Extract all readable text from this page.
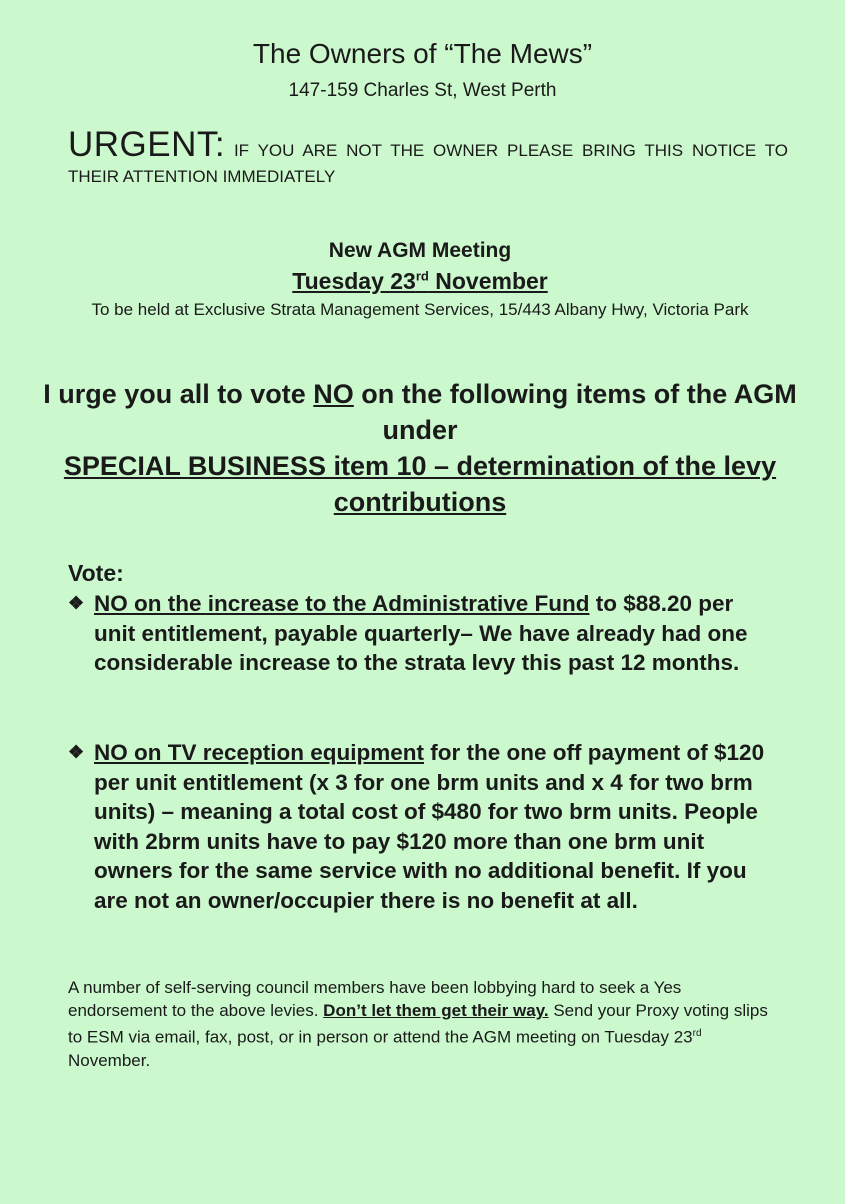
The Owners of “The Mews”
147-159 Charles St, West Perth
URGENT: IF YOU ARE NOT THE OWNER PLEASE BRING THIS NOTICE TO THEIR ATTENTION IMMEDIATELY
New AGM Meeting
Tuesday 23rd November
To be held at Exclusive Strata Management Services, 15/443 Albany Hwy, Victoria Park
I urge you all to vote NO on the following items of the AGM under
SPECIAL BUSINESS item 10 – determination of the levy contributions
Vote:
❖ NO on the increase to the Administrative Fund to $88.20 per unit entitlement, payable quarterly– We have already had one considerable increase to the strata levy this past 12 months.
❖ NO on TV reception equipment for the one off payment of $120 per unit entitlement (x 3 for one brm units and x 4 for two brm units) – meaning a total cost of $480 for two brm units. People with 2brm units have to pay $120 more than one brm unit owners for the same service with no additional benefit. If you are not an owner/occupier there is no benefit at all.
A number of self-serving council members have been lobbying hard to seek a Yes endorsement to the above levies. Don’t let them get their way. Send your Proxy voting slips to ESM via email, fax, post, or in person or attend the AGM meeting on Tuesday 23rd November.
